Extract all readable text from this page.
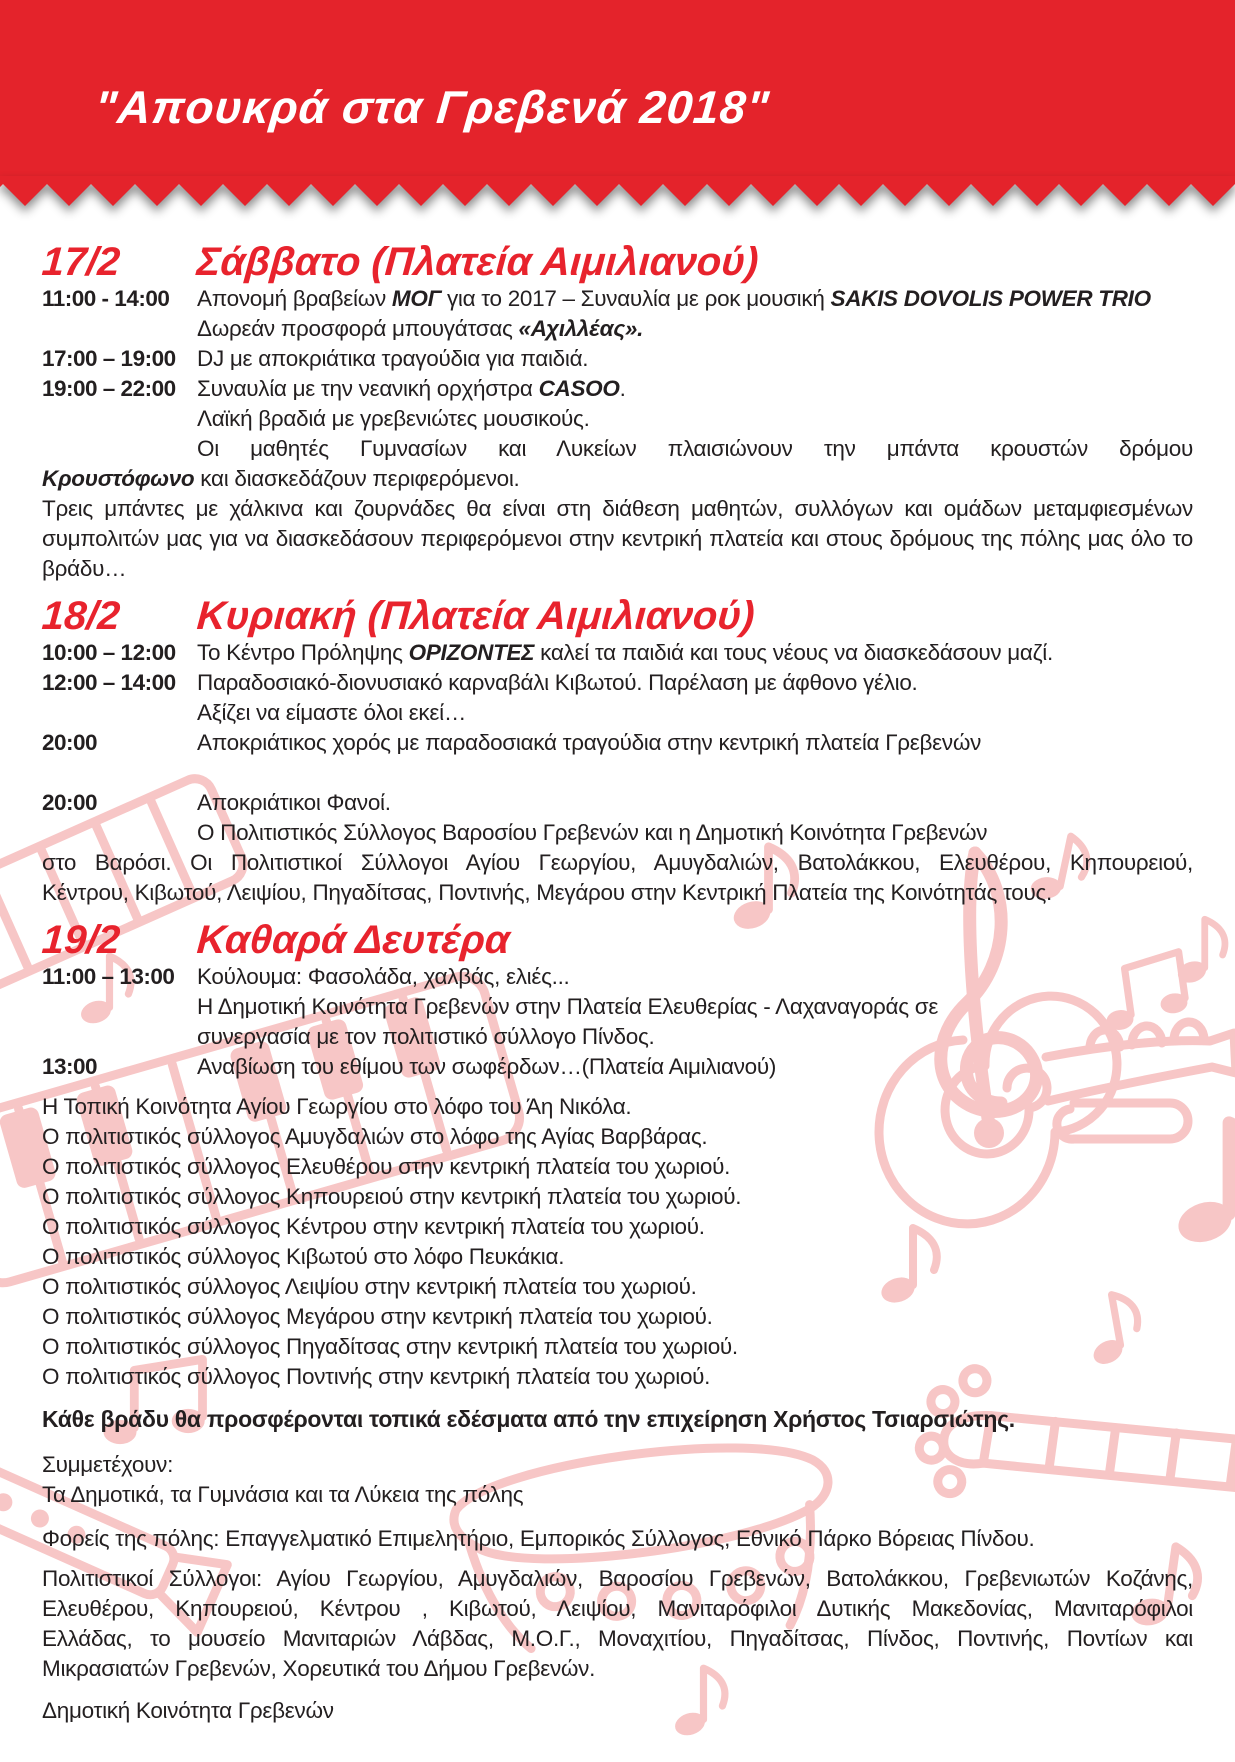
"Απουκρά στα Γρεβενά 2018"
17/2 Σάββατο (Πλατεία Αιμιλιανού)
11:00 - 14:00 Απονομή βραβείων ΜΟΓ για το 2017 – Συναυλία με ροκ μουσική SAKIS DOVOLIS POWER TRIO
Δωρεάν προσφορά μπουγάτσας «Αχιλλέας».
17:00 – 19:00 DJ με αποκριάτικα τραγούδια για παιδιά.
19:00 – 22:00 Συναυλία με την νεανική ορχήστρα CASOO.
Λαϊκή βραδιά με γρεβενιώτες μουσικούς.
Οι μαθητές Γυμνασίων και Λυκείων πλαισιώνουν την μπάντα κρουστών δρόμου
Κρουστόφωνο και διασκεδάζουν περιφερόμενοι.
Τρεις μπάντες με χάλκινα και ζουρνάδες θα είναι στη διάθεση μαθητών, συλλόγων και ομάδων μεταμφιεσμένων
συμπολιτών μας για να διασκεδάσουν περιφερόμενοι στην κεντρική πλατεία και στους δρόμους της πόλης μας όλο το
βράδυ…
18/2 Κυριακή (Πλατεία Αιμιλιανού)
10:00 – 12:00 Το Κέντρο Πρόληψης ΟΡΙΖΟΝΤΕΣ καλεί τα παιδιά και τους νέους να διασκεδάσουν μαζί.
12:00 – 14:00 Παραδοσιακό-διονυσιακό καρναβάλι Κιβωτού. Παρέλαση με άφθονο γέλιο.
Αξίζει να είμαστε όλοι εκεί…
20:00	Αποκριάτικος χορός με παραδοσιακά τραγούδια στην κεντρική πλατεία Γρεβενών
20:00	Αποκριάτικοι Φανοί.
Ο Πολιτιστικός Σύλλογος Βαροσίου Γρεβενών και η Δημοτική Κοινότητα Γρεβενών
στο Βαρόσι. Οι Πολιτιστικοί Σύλλογοι Αγίου Γεωργίου, Αμυγδαλιών, Βατολάκκου, Ελευθέρου, Κηπουρειού,
Κέντρου, Κιβωτού, Λειψίου, Πηγαδίτσας, Ποντινής, Μεγάρου στην Κεντρική Πλατεία της Κοινότητάς τους.
19/2 Καθαρά Δευτέρα
11:00 – 13:00 Κούλουμα: Φασολάδα, χαλβάς, ελιές...
Η Δημοτική Κοινότητα Γρεβενών στην Πλατεία Ελευθερίας - Λαχαναγοράς σε
συνεργασία με τον πολιτιστικό σύλλογο Πίνδος.
13:00	Αναβίωση του εθίμου των σωφέρδων…(Πλατεία Αιμιλιανού)
Η Τοπική Κοινότητα Αγίου Γεωργίου στο λόφο του Άη Νικόλα.
Ο πολιτιστικός σύλλογος Αμυγδαλιών στο λόφο της Αγίας Βαρβάρας.
Ο πολιτιστικός σύλλογος Ελευθέρου στην κεντρική πλατεία του χωριού.
Ο πολιτιστικός σύλλογος Κηπουρειού στην κεντρική πλατεία του χωριού.
Ο πολιτιστικός σύλλογος Κέντρου στην κεντρική πλατεία του χωριού.
Ο πολιτιστικός σύλλογος Κιβωτού στο λόφο Πευκάκια.
Ο πολιτιστικός σύλλογος Λειψίου στην κεντρική πλατεία του χωριού.
Ο πολιτιστικός σύλλογος Μεγάρου στην κεντρική πλατεία του χωριού.
Ο πολιτιστικός σύλλογος Πηγαδίτσας στην κεντρική πλατεία του χωριού.
Ο πολιτιστικός σύλλογος Ποντινής στην κεντρική πλατεία του χωριού.
Κάθε βράδυ θα προσφέρονται τοπικά εδέσματα από την επιχείρηση Χρήστος Τσιαρσιώτης.
Συμμετέχουν:
Τα Δημοτικά, τα Γυμνάσια και τα Λύκεια της πόλης
Φορείς της πόλης: Επαγγελματικό Επιμελητήριο, Εμπορικός Σύλλογος, Εθνικό Πάρκο Βόρειας Πίνδου.
Πολιτιστικοί Σύλλογοι: Αγίου Γεωργίου, Αμυγδαλιών, Βαροσίου Γρεβενών, Βατολάκκου, Γρεβενιωτών Κοζάνης,
Ελευθέρου, Κηπουρειού, Κέντρου , Κιβωτού, Λειψίου, Μανιταρόφιλοι Δυτικής Μακεδονίας, Μανιταρόφιλοι
Ελλάδας, το μουσείο Μανιταριών Λάβδας, Μ.Ο.Γ., Μοναχιτίου, Πηγαδίτσας, Πίνδος, Ποντινής, Ποντίων και
Μικρασιατών Γρεβενών, Χορευτικά του Δήμου Γρεβενών.
Δημοτική Κοινότητα Γρεβενών
